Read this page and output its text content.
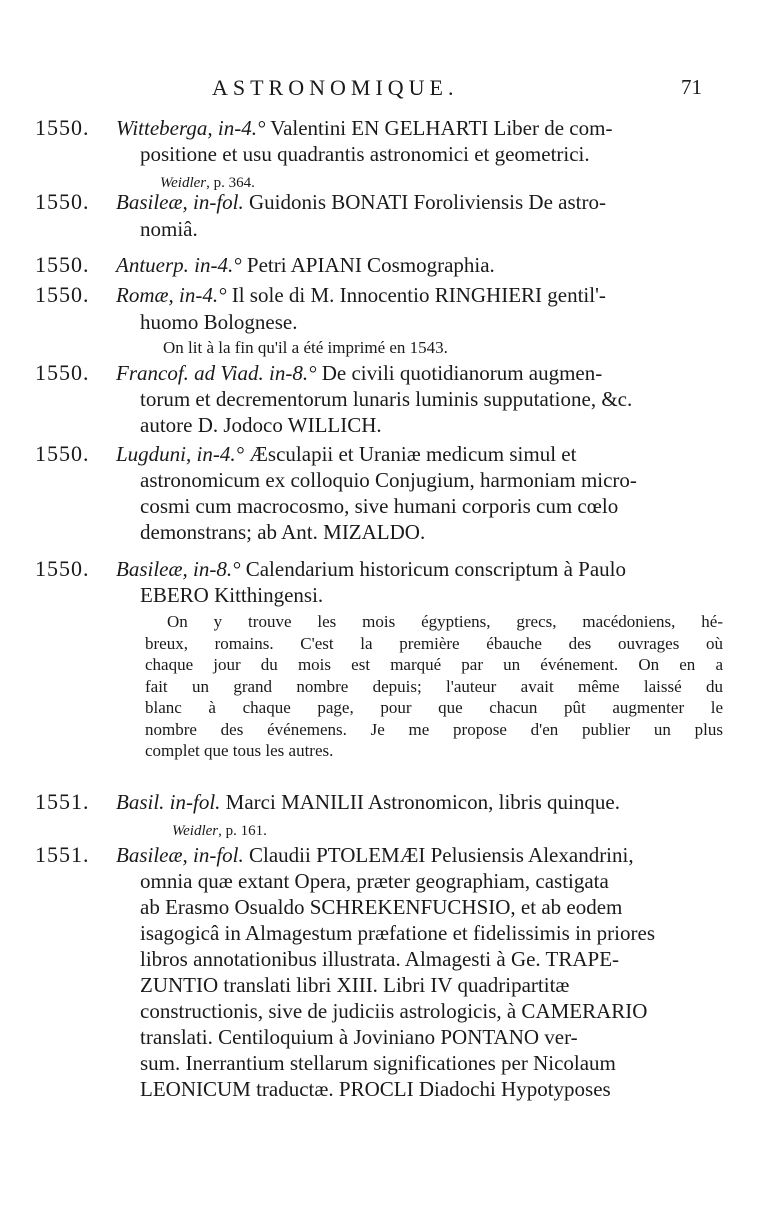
ASTRONOMIQUE.	71
1550. Witteberga, in-4.° Valentini EN GELHARTI Liber de com-
positione et usu quadrantis astronomici et geometrici.
Weidler, p. 364.
1550. Basileæ, in-fol. Guidonis BONATI Foroliviensis De astro-
nomiâ.
1550. Antuerp. in-4.° Petri APIANI Cosmographia.
1550. Romæ, in-4.° Il sole di M. Innocentio RINGHIERI gentil'-
huomo Bolognese.
On lit à la fin qu'il a été imprimé en 1543.
1550. Francof. ad Viad. in-8.° De civili quotidianorum augmen-
torum et decrementorum lunaris luminis supputatione, &c.
autore D. Jodoco WILLICH.
1550. Lugduni, in-4.° Æsculapii et Uraniæ medicum simul et
astronomicum ex colloquio Conjugium, harmoniam micro-
cosmi cum macrocosmo, sive humani corporis cum cœlo
demonstrans; ab Ant. MIZALDO.
1550. Basileæ, in-8.° Calendarium historicum conscriptum à Paulo
EBERO Kitthingensi.
On y trouve les mois égyptiens, grecs, macédoniens, hé-
breux, romains. C'est la première ébauche des ouvrages où
chaque jour du mois est marqué par un événement. On en a
fait un grand nombre depuis; l'auteur avait même laissé du
blanc à chaque page, pour que chacun pût augmenter le
nombre des événemens. Je me propose d'en publier un plus
complet que tous les autres.
1551. Basil. in-fol. Marci MANILII Astronomicon, libris quinque.
Weidler, p. 161.
1551. Basileæ, in-fol. Claudii PTOLEMÆI Pelusiensis Alexandrini,
omnia quæ extant Opera, præter geographiam, castigata
ab Erasmo Osualdo SCHREKENFUCHSIO, et ab eodem
isagogicâ in Almagestum præfatione et fidelissimis in priores
libros annotationibus illustrata. Almagesti à Ge. TRAPE-
ZUNTIO translati libri XIII. Libri IV quadripartitæ
constructionis, sive de judiciis astrologicis, à CAMERARIO
translati. Centiloquium à Joviniano PONTANO ver-
sum. Inerrantium stellarum significationes per Nicolaum
LEONICUM traductæ. PROCLI Diadochi Hypotyposes
